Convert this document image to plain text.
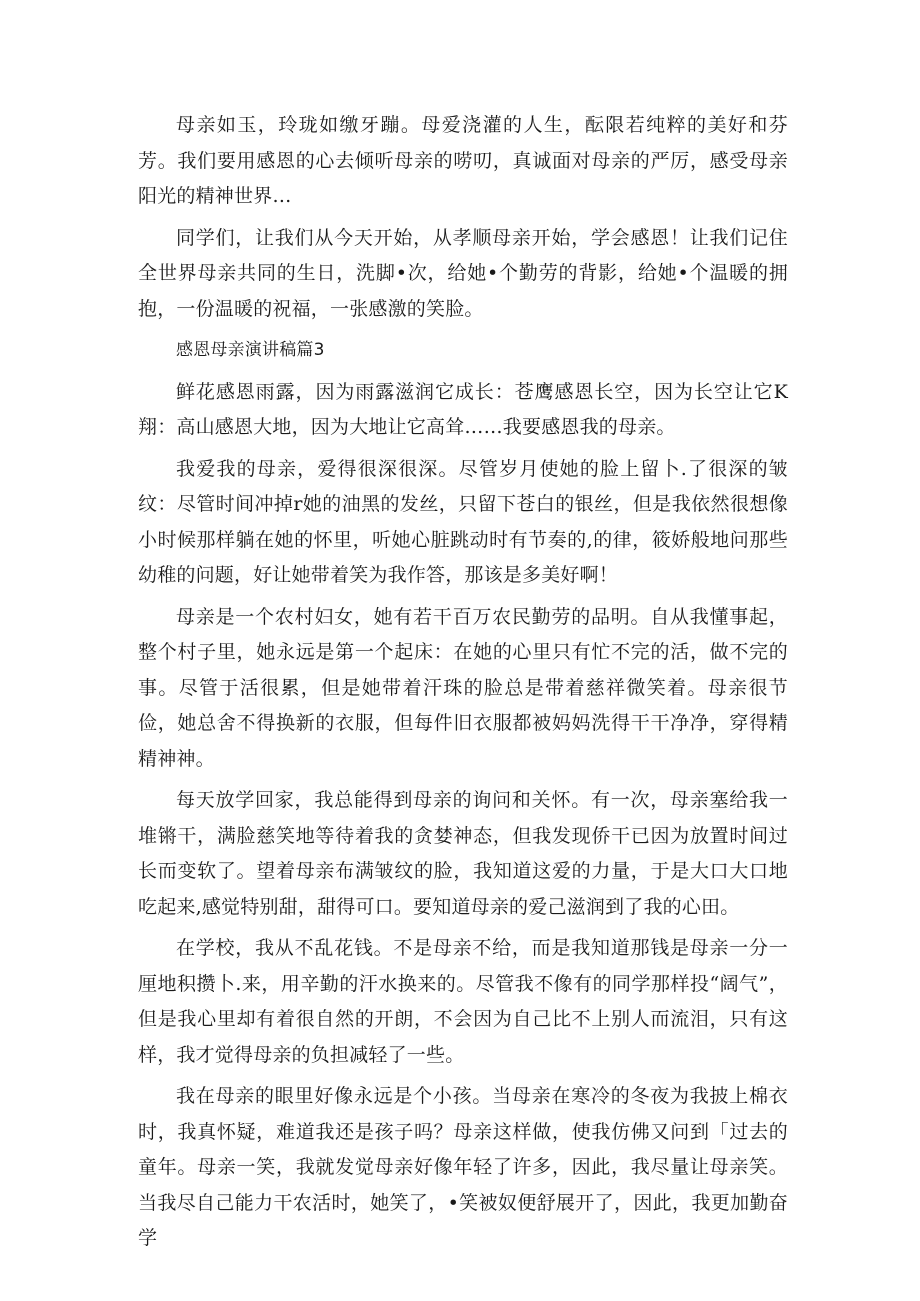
母亲如玉，玲珑如缴牙蹦。母爱浇灌的人生，酝限若纯粹的美好和芬芳。我们要用感恩的心去倾听母亲的唠叨，真诚面对母亲的严厉，感受母亲阳光的精神世界…

同学们，让我们从今天开始，从孝顺母亲开始，学会感恩！让我们记住全世界母亲共同的生日，洗脚•次，给她•个勤劳的背影，给她•个温暖的拥抱，一份温暖的祝福，一张感激的笑脸。

感恩母亲演讲稿篇3

鲜花感恩雨露，因为雨露滋润它成长：苍鹰感恩长空，因为长空让它K翔：高山感恩大地，因为大地让它高耸……我要感恩我的母亲。

我爱我的母亲，爱得很深很深。尽管岁月使她的脸上留卜.了很深的皱纹：尽管时间冲掉r她的油黑的发丝，只留下苍白的银丝，但是我依然很想像小时候那样躺在她的怀里，听她心脏跳动时有节奏的,的律，筱娇般地问那些幼稚的问题，好让她带着笑为我作答，那该是多美好啊！

母亲是一个农村妇女，她有若干百万农民勤劳的品明。自从我懂事起，整个村子里，她永远是第一个起床：在她的心里只有忙不完的活，做不完的事。尽管于活很累，但是她带着汗珠的脸总是带着慈祥微笑着。母亲很节俭，她总舍不得换新的衣服，但每件旧衣服都被妈妈洗得干干净净，穿得精精神神。

每天放学回家，我总能得到母亲的询问和关怀。有一次，母亲塞给我一堆锵干，满脸慈笑地等待着我的贪婪神态，但我发现侨干已因为放置时间过长而变软了。望着母亲布满皱纹的脸，我知道这爱的力量，于是大口大口地吃起来,感觉特别甜，甜得可口。要知道母亲的爱己滋润到了我的心田。

在学校，我从不乱花钱。不是母亲不给，而是我知道那钱是母亲一分一厘地积攒卜.来，用辛勤的汗水换来的。尽管我不像有的同学那样投“阔气”，但是我心里却有着很自然的开朗，不会因为自己比不上别人而流泪，只有这样，我才觉得母亲的负担减轻了一些。

我在母亲的眼里好像永远是个小孩。当母亲在寒冷的冬夜为我披上棉衣时，我真怀疑，难道我还是孩子吗？母亲这样做，使我仿佛又问到「过去的童年。母亲一笑，我就发觉母亲好像年轻了许多，因此，我尽量让母亲笑。当我尽自己能力干农活时，她笑了，•笑被奴便舒展开了，因此，我更加勤奋学
